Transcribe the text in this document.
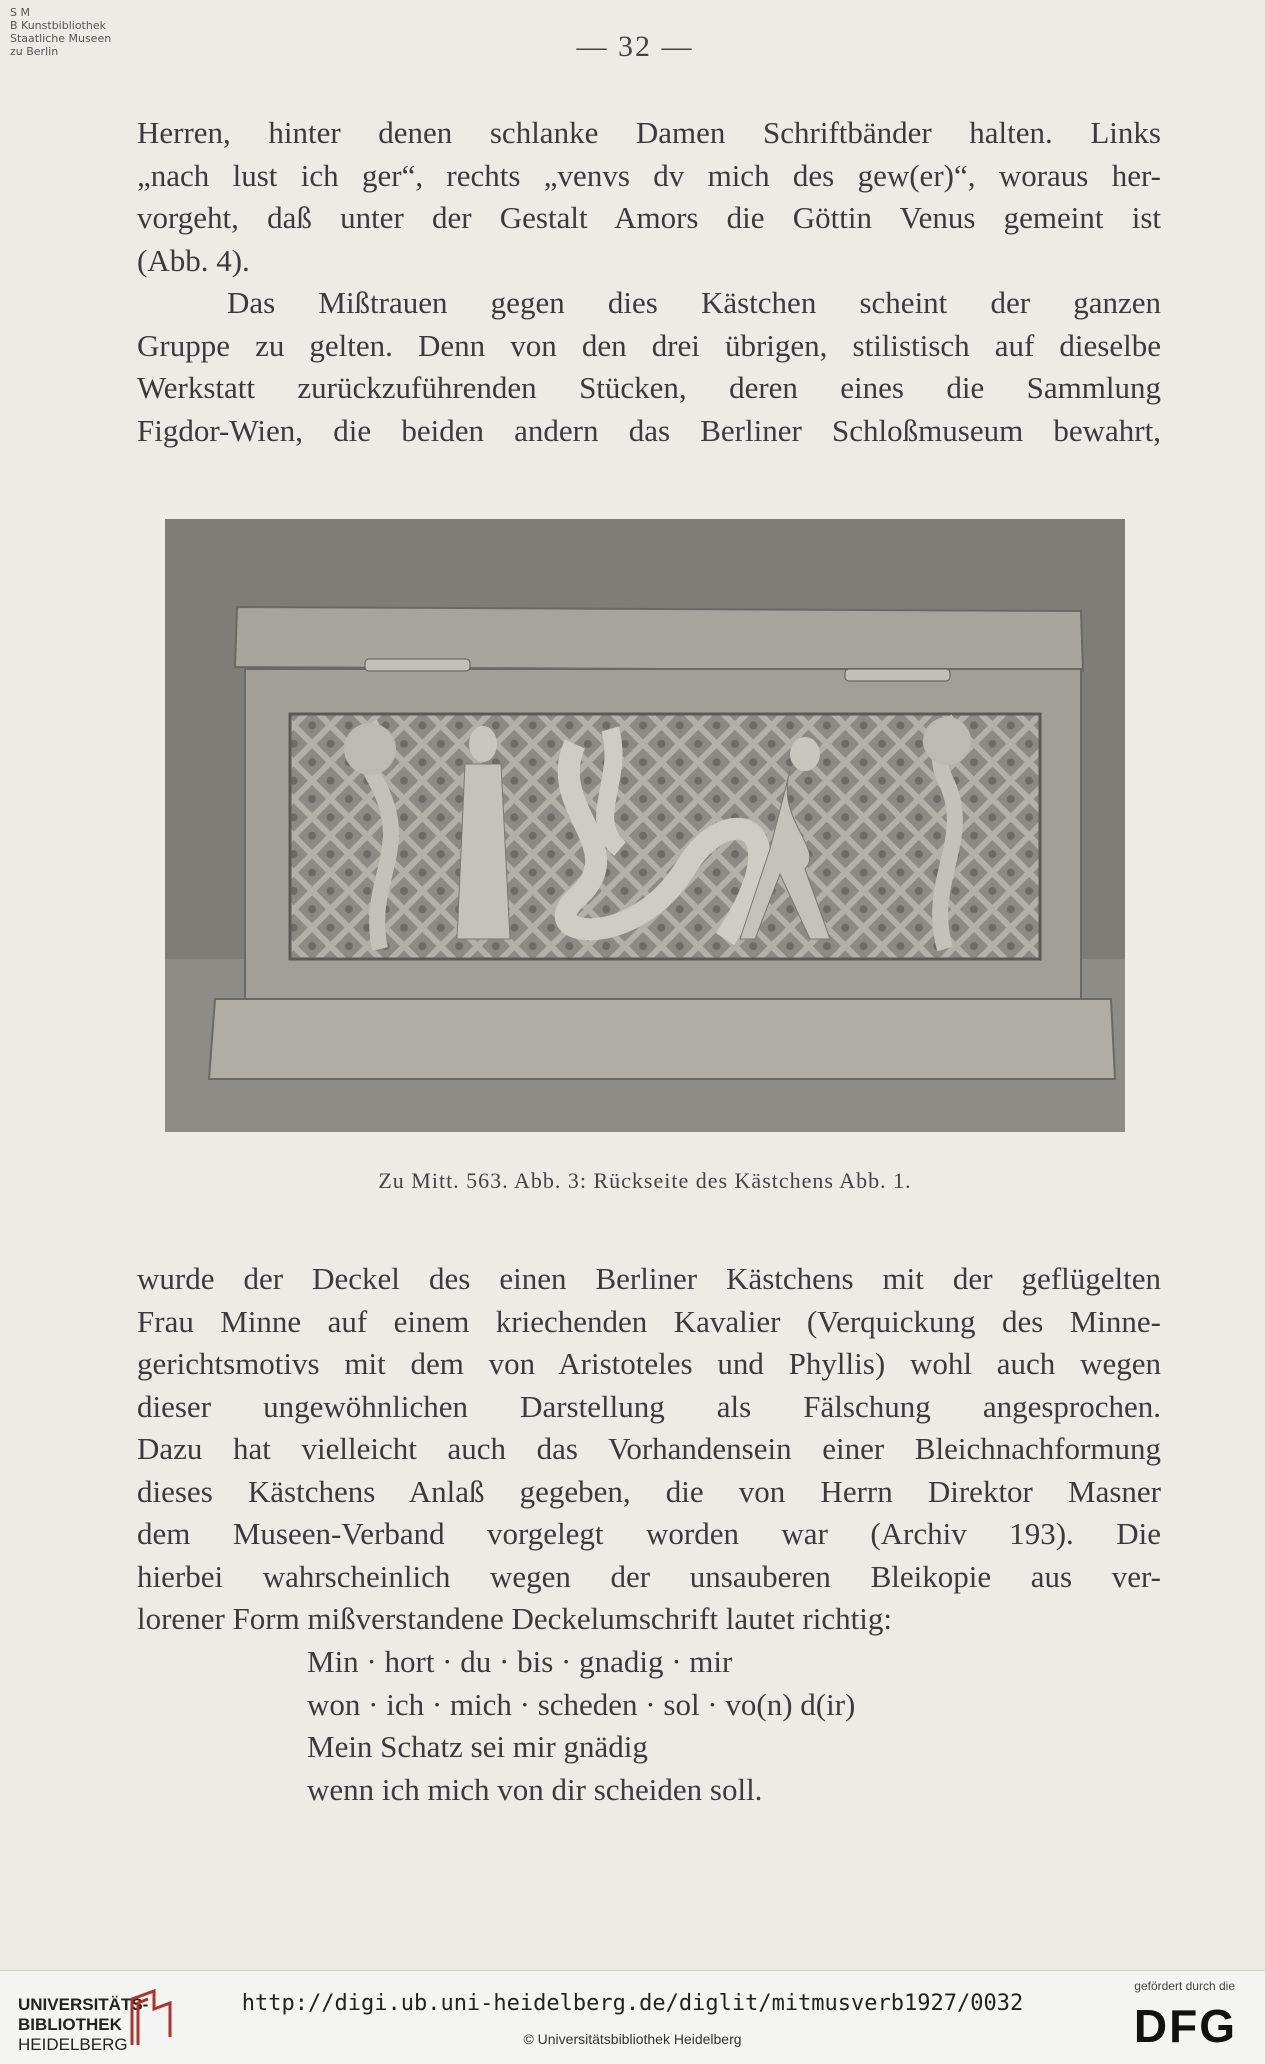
S M
B Kunstbibliothek
Staatliche Museen
zu Berlin	— 32 —
Herren, hinter denen schlanke Damen Schriftbänder halten. Links
„nach lust ich ger“, rechts „venvs dv mich des gew(er)“, woraus her-
vorgeht, daß unter der Gestalt Amors die Göttin Venus gemeint ist
(Abb. 4).
Das Mißtrauen gegen dies Kästchen scheint der ganzen
Gruppe zu gelten. Denn von den drei übrigen, stilistisch auf dieselbe
Werkstatt zurückzuführenden Stücken, deren eines die Sammlung
Figdor-Wien, die beiden andern das Berliner Schloßmuseum bewahrt,
Zu Mitt. 563. Abb. 3: Rückseite des Kästchens Abb. 1.
wurde der Deckel des einen Berliner Kästchens mit der geflügelten
Frau Minne auf einem kriechenden Kavalier (Verquickung des Minne-
gerichtsmotivs mit dem von Aristoteles und Phyllis) wohl auch wegen
dieser ungewöhnlichen Darstellung als Fälschung angesprochen.
Dazu hat vielleicht auch das Vorhandensein einer Bleichnachformung
dieses Kästchens Anlaß gegeben, die von Herrn Direktor Masner
dem Museen-Verband vorgelegt worden war (Archiv 193). Die
hierbei wahrscheinlich wegen der unsauberen Bleikopie aus ver-
lorener Form mißverstandene Deckelumschrift lautet richtig:
Min · hort · du · bis · gnadig · mir
won · ich · mich · scheden · sol · vo(n) d(ir)
Mein Schatz sei mir gnädig
wenn ich mich von dir scheiden soll.
UNIVERSITÄTS-
BIBLIOTHEK
HEIDELBERG
http://digi.ub.uni-heidelberg.de/diglit/mitmusverb1927/0032
© Universitätsbibliothek Heidelberg
gefördert durch die
DFG
